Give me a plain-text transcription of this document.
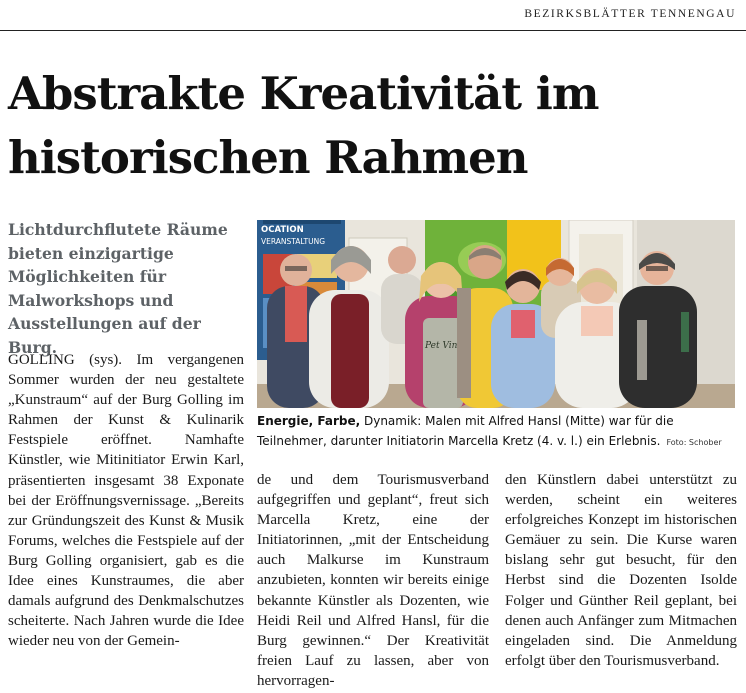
BEZIRKSBLÄTTER TENNENGAU
Abstrakte Kreativität im
historischen Rahmen

Lichtdurchflutete Räume bieten einzigartige Möglichkeiten für Malworkshops und Ausstellungen auf der Burg.

OCATION
VERANSTALTUNG
Pet Vin

Energie, Farbe, Dynamik: Malen mit Alfred Hansl (Mitte) war für die Teilnehmer, darunter Initiatorin Marcella Kretz (4. v. l.) ein Erlebnis. Foto: Schober

GOLLING (sys). Im vergangenen Sommer wurden der neu gestaltete „Kunstraum“ auf der Burg Golling im Rahmen der Kunst & Kulinarik Festspiele eröffnet. Namhafte Künstler, wie Mitinitiator Erwin Karl, präsentierten insgesamt 38 Exponate bei der Eröffnungsvernissage. „Bereits zur Gründungszeit des Kunst & Musik Forums, welches die Festspiele auf der Burg Golling organisiert, gab es die Idee eines Kunstraumes, die aber damals aufgrund des Denkmalschutzes scheiterte. Nach Jahren wurde die Idee wieder neu von der Gemein-

de und dem Tourismusverband aufgegriffen und geplant“, freut sich Marcella Kretz, eine der Initiatorinnen, „mit der Entscheidung auch Malkurse im Kunstraum anzubieten, konnten wir bereits einige bekannte Künstler als Dozenten, wie Heidi Reil und Alfred Hansl, für die Burg gewinnen.“ Der Kreativität freien Lauf zu lassen, aber von hervorragen-

den Künstlern dabei unterstützt zu werden, scheint ein weiteres erfolgreiches Konzept im historischen Gemäuer zu sein. Die Kurse waren bislang sehr gut besucht, für den Herbst sind die Dozenten Isolde Folger und Günther Reil geplant, bei denen auch Anfänger zum Mitmachen eingeladen sind. Die Anmeldung erfolgt über den Tourismusverband.
